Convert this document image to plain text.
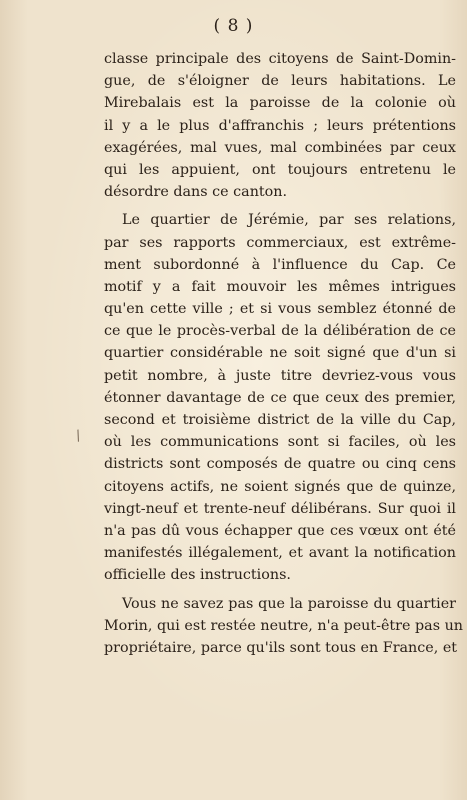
( 8 )
/
classe principale des citoyens de Saint-Domin-
gue, de s'éloigner de leurs habitations. Le
Mirebalais est la paroisse de la colonie où
il y a le plus d'affranchis ; leurs prétentions
exagérées, mal vues, mal combinées par ceux
qui les appuient, ont toujours entretenu le
désordre dans ce canton.
Le quartier de Jérémie, par ses relations,
par ses rapports commerciaux, est extrême-
ment subordonné à l'influence du Cap. Ce
motif y a fait mouvoir les mêmes intrigues
qu'en cette ville ; et si vous semblez étonné de
ce que le procès-verbal de la délibération de ce
quartier considérable ne soit signé que d'un si
petit nombre, à juste titre devriez-vous vous
étonner davantage de ce que ceux des premier,
second et troisième district de la ville du Cap,
où les communications sont si faciles, où les
districts sont composés de quatre ou cinq cens
citoyens actifs, ne soient signés que de quinze,
vingt-neuf et trente-neuf délibérans. Sur quoi il
n'a pas dû vous échapper que ces vœux ont été
manifestés illégalement, et avant la notification
officielle des instructions.
Vous ne savez pas que la paroisse du quartier
Morin, qui est restée neutre, n'a peut-être pas un
propriétaire, parce qu'ils sont tous en France, et
